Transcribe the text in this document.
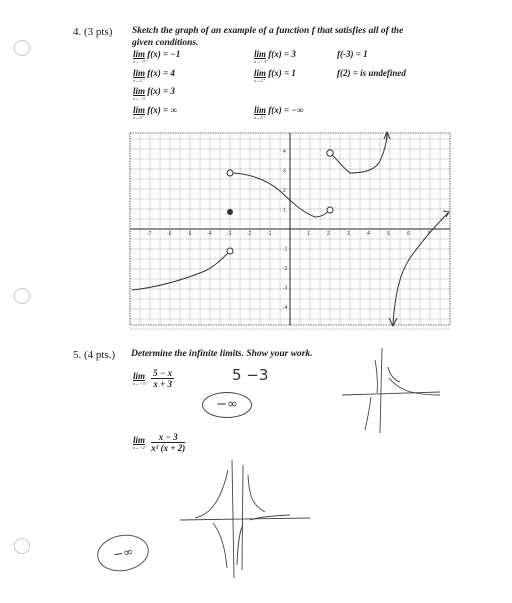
4. (3 pts) Sketch the graph of an example of a function f that satisfies all of the
given conditions.
lim f(x) = −1
x→−3⁻
lim f(x) = 3
x→−3⁺
f(-3) = 1
lim f(x) = 4
x→2⁻
lim f(x) = 1
x→2⁺
f(2) = is undefined
lim f(x) = 3
x→−3
lim f(x) = ∞
x→5⁻
lim f(x) = −∞
x→5⁺
-7	-6	-5	-4	-3	-2	-1	1	2	3	4	5	6	7
4
3
2
1
-1
-2
-3
-4
5. (4 pts.) Determine the infinite limits. Show your work.
lim
x→−3⁺
5 − x
x + 3	5 −3
−∞
lim
x→−2⁻
x − 3
x² (x + 2)
−∞
